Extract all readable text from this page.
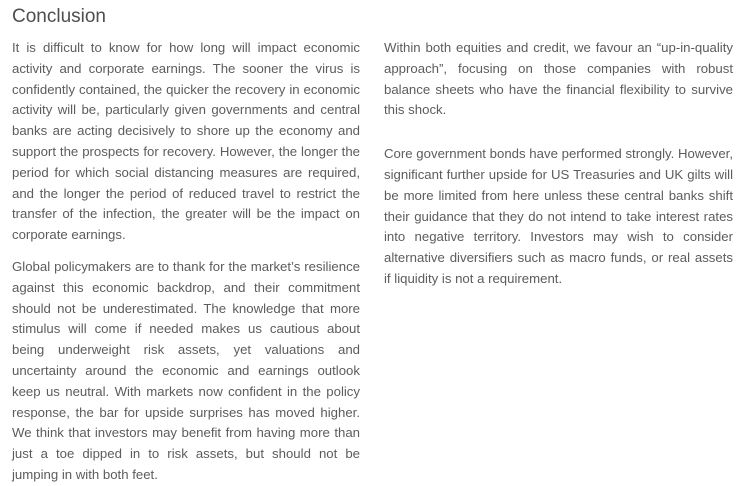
Conclusion

It is difficult to know for how long will impact economic activity and corporate earnings. The sooner the virus is confidently contained, the quicker the recovery in economic activity will be, particularly given governments and central banks are acting decisively to shore up the economy and support the prospects for recovery. However, the longer the period for which social distancing measures are required, and the longer the period of reduced travel to restrict the transfer of the infection, the greater will be the impact on corporate earnings.

Global policymakers are to thank for the market’s resilience against this economic backdrop, and their commitment should not be underestimated. The knowledge that more stimulus will come if needed makes us cautious about being underweight risk assets, yet valuations and uncertainty around the economic and earnings outlook keep us neutral. With markets now confident in the policy response, the bar for upside surprises has moved higher. We think that investors may benefit from having more than just a toe dipped in to risk assets, but should not be jumping in with both feet.

Within both equities and credit, we favour an “up-in-quality approach”, focusing on those companies with robust balance sheets who have the financial flexibility to survive this shock.

Core government bonds have performed strongly. However, significant further upside for US Treasuries and UK gilts will be more limited from here unless these central banks shift their guidance that they do not intend to take interest rates into negative territory. Investors may wish to consider alternative diversifiers such as macro funds, or real assets if liquidity is not a requirement.
